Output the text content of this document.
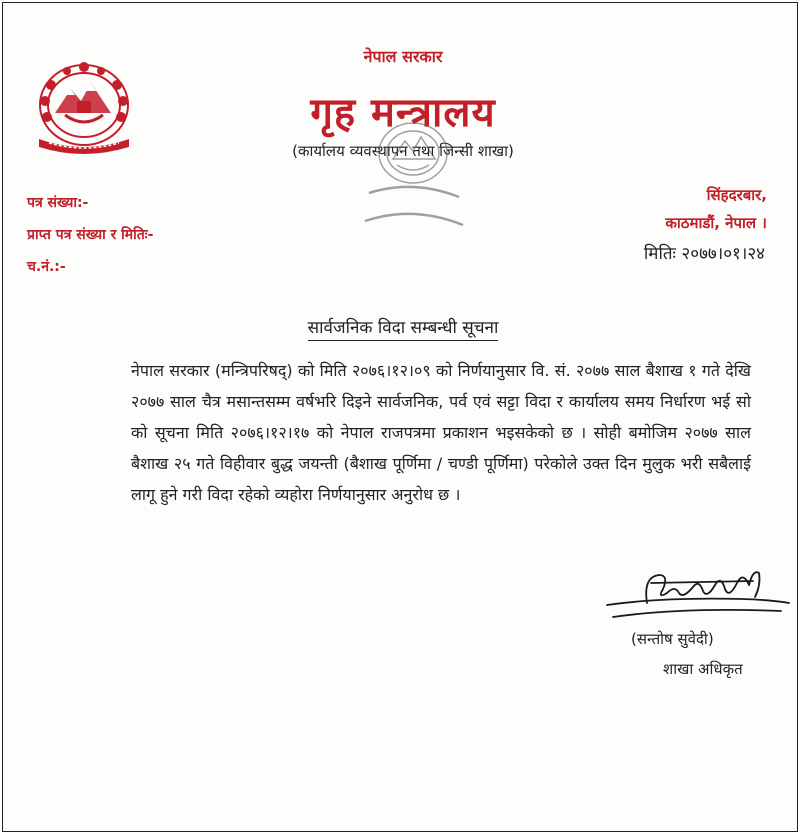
नेपाल सरकार
गृह मन्त्रालय
(कार्यालय व्यवस्थापन तथा जिन्सी शाखा)
पत्र संख्या:-
प्राप्त पत्र संख्या र मितिः-
च.नं.:-
सिंहदरबार,
काठमाडौं, नेपाल ।
मितिः २०७७।०१।२४
सार्वजनिक विदा सम्बन्धी सूचना
नेपाल सरकार (मन्त्रिपरिषद्) को मिति २०७६।१२।०९ को निर्णयानुसार वि. सं. २०७७ साल बैशाख १ गते देखि २०७७ साल चैत्र मसान्तसम्म वर्षभरि दिइने सार्वजनिक, पर्व एवं सट्टा विदा र कार्यालय समय निर्धारण भई सो को सूचना मिति २०७६।१२।१७ को नेपाल राजपत्रमा प्रकाशन भइसकेको छ । सोही बमोजिम २०७७ साल बैशाख २५ गते विहीवार बुद्ध जयन्ती (बैशाख पूर्णिमा / चण्डी पूर्णिमा) परेकोले उक्त दिन मुलुक भरी सबैलाई लागू हुने गरी विदा रहेको व्यहोरा निर्णयानुसार अनुरोध छ ।
(सन्तोष सुवेदी)
शाखा अधिकृत
